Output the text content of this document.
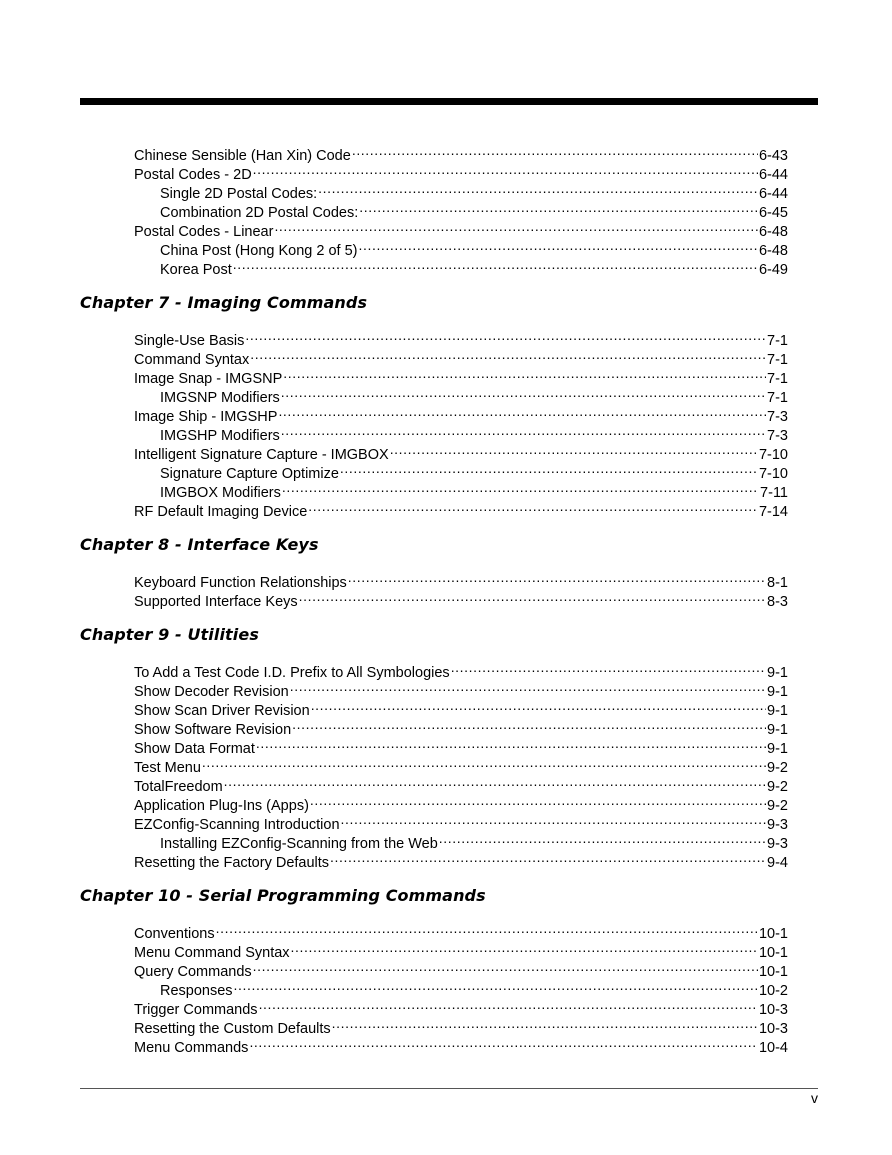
Chinese Sensible (Han Xin) Code .....	6-43
Postal Codes - 2D .....	6-44
Single 2D Postal Codes: .....	6-44
Combination 2D Postal Codes: .....	6-45
Postal Codes - Linear .....	6-48
China Post (Hong Kong 2 of 5) .....	6-48
Korea Post .....	6-49
Chapter 7 - Imaging Commands
Single-Use Basis .....	7-1
Command Syntax .....	7-1
Image Snap - IMGSNP .....	7-1
IMGSNP Modifiers .....	7-1
Image Ship - IMGSHP .....	7-3
IMGSHP Modifiers .....	7-3
Intelligent Signature Capture - IMGBOX .....	7-10
Signature Capture Optimize .....	7-10
IMGBOX Modifiers .....	7-11
RF Default Imaging Device .....	7-14
Chapter 8 - Interface Keys
Keyboard Function Relationships .....	8-1
Supported Interface Keys .....	8-3
Chapter 9 - Utilities
To Add a Test Code I.D. Prefix to All Symbologies .....	9-1
Show Decoder Revision .....	9-1
Show Scan Driver Revision .....	9-1
Show Software Revision .....	9-1
Show Data Format .....	9-1
Test Menu .....	9-2
TotalFreedom .....	9-2
Application Plug-Ins (Apps) .....	9-2
EZConfig-Scanning Introduction .....	9-3
Installing EZConfig-Scanning from the Web .....	9-3
Resetting the Factory Defaults .....	9-4
Chapter 10 - Serial Programming Commands
Conventions .....	10-1
Menu Command Syntax .....	10-1
Query Commands .....	10-1
Responses .....	10-2
Trigger Commands .....	10-3
Resetting the Custom Defaults .....	10-3
Menu Commands .....	10-4
v
